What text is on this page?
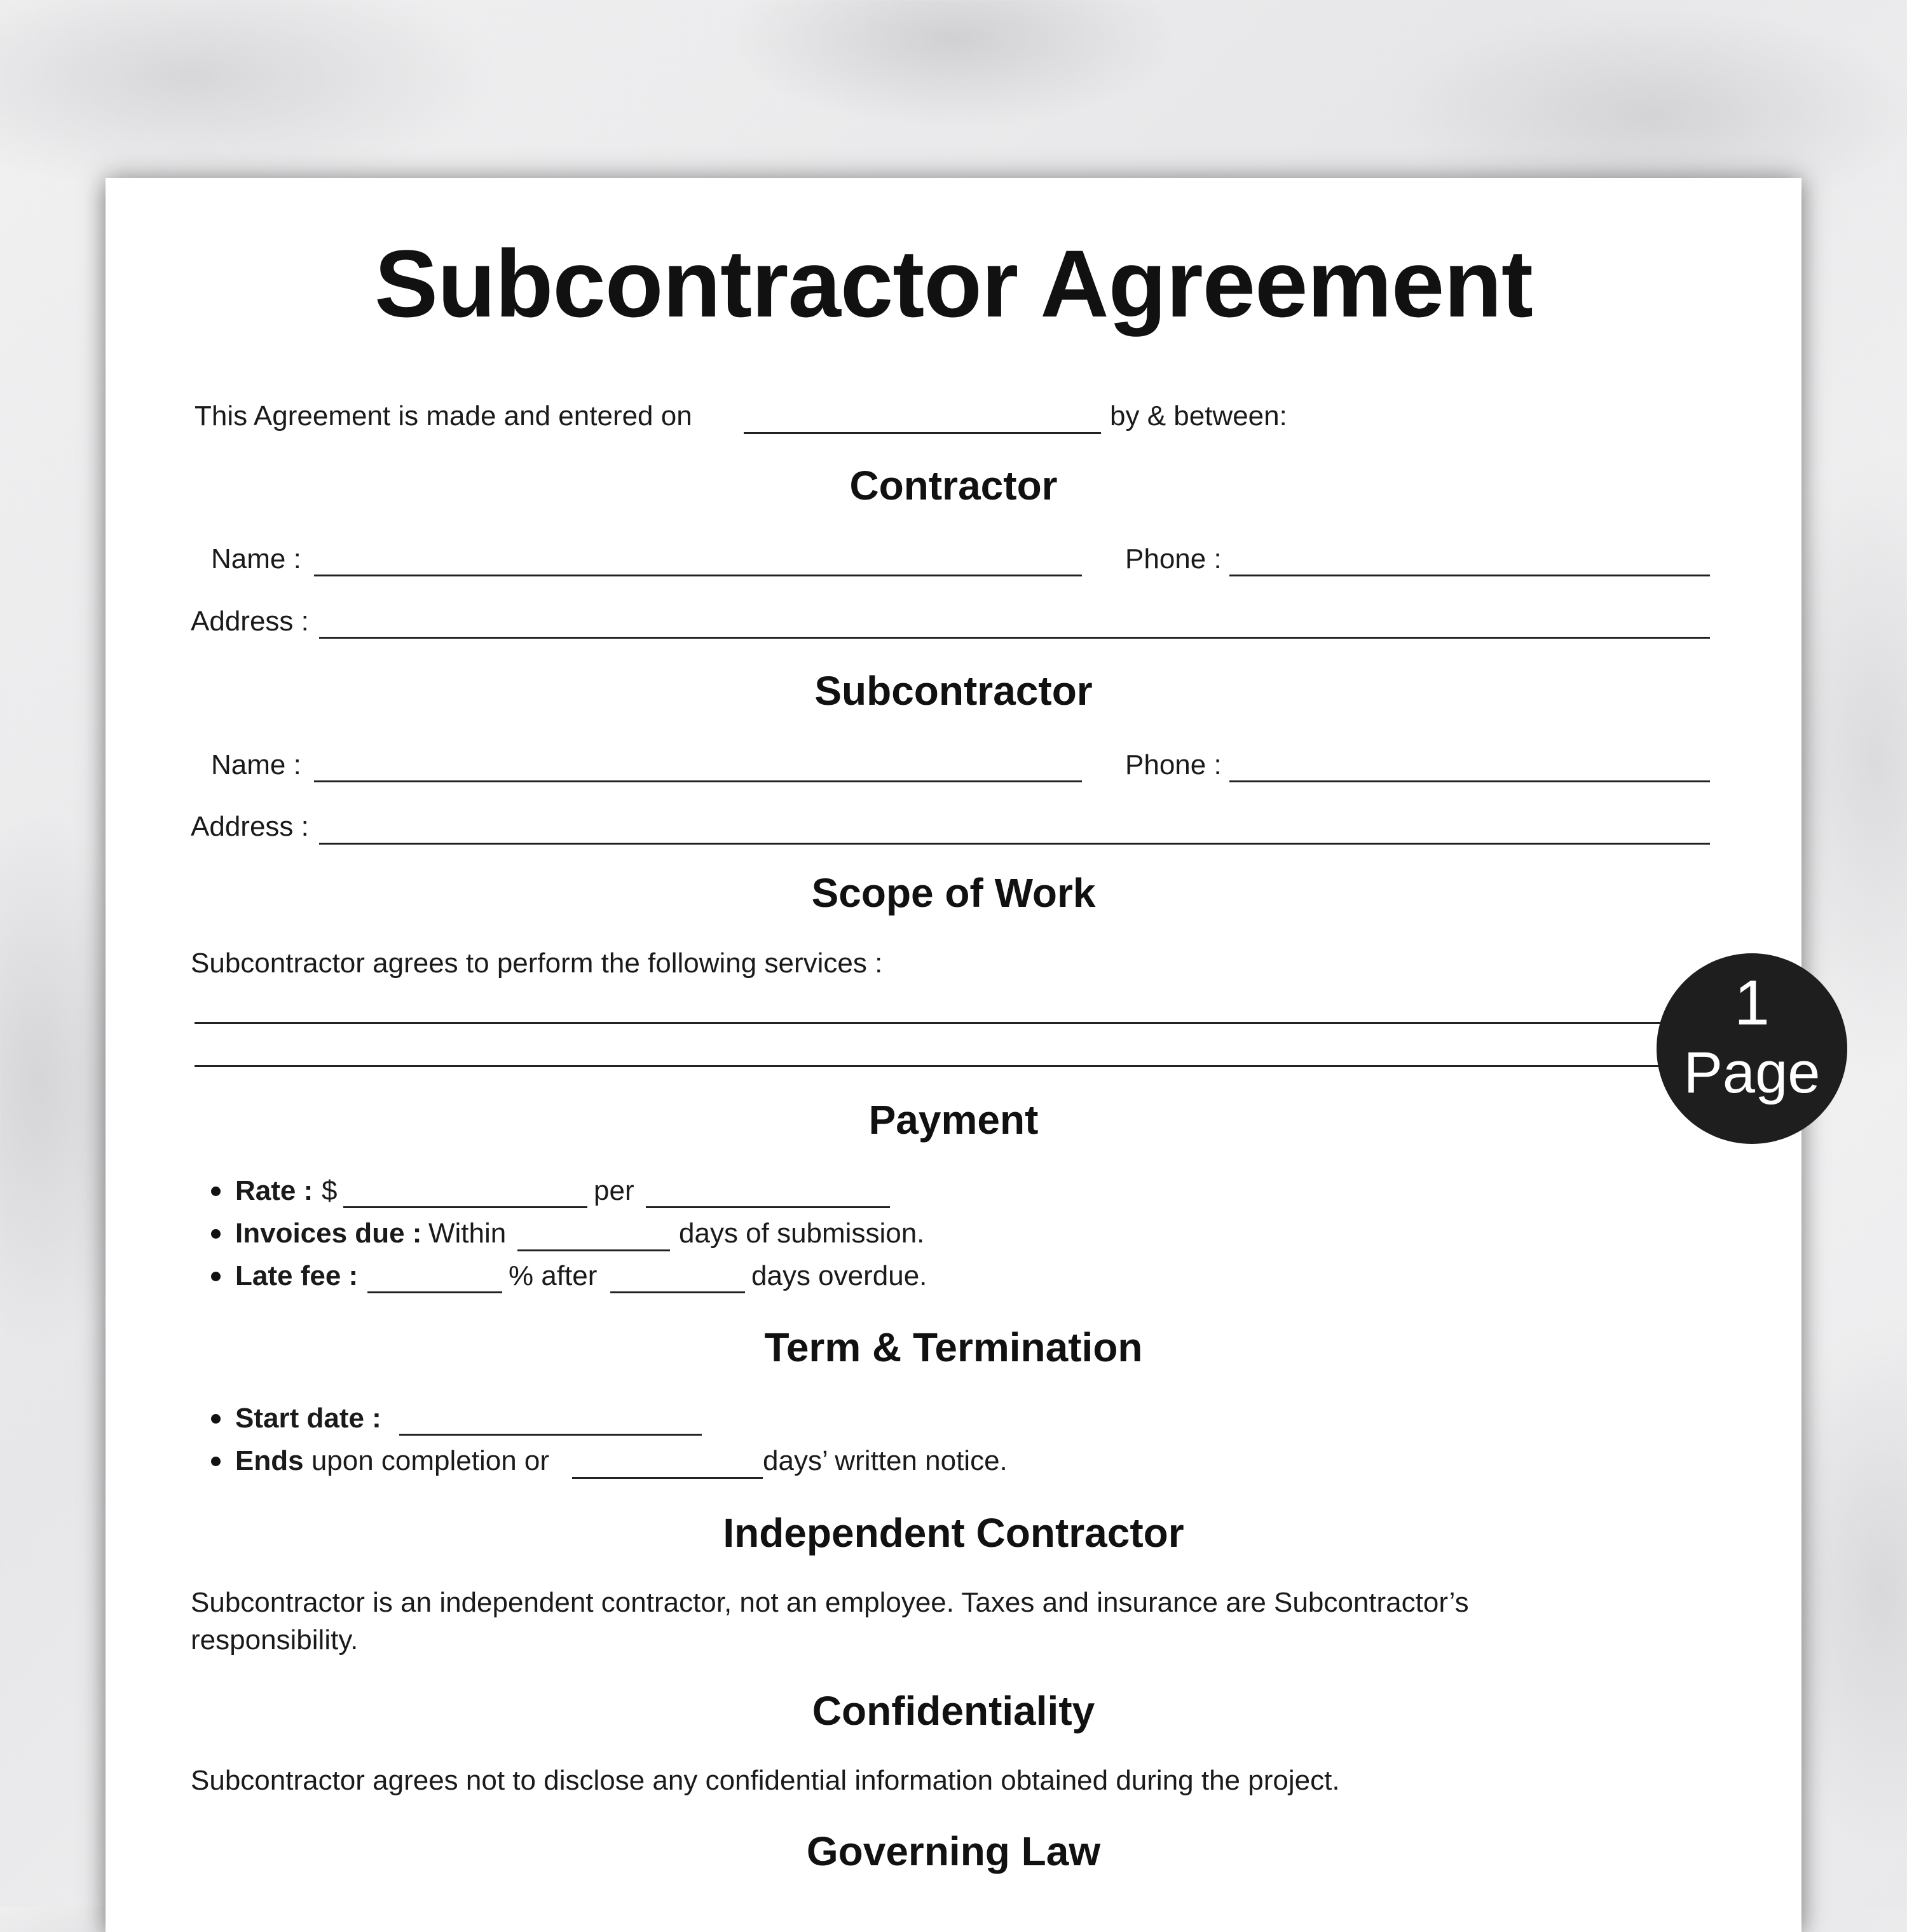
Subcontractor Agreement
This Agreement is made and entered on	by & between:
Contractor
Name :	Phone :
Address :
Subcontractor
Name :	Phone :
Address :
Scope of Work
Subcontractor agrees to perform the following services :
Payment
Rate : $	per
Invoices due : Within	days of submission.
Late fee :	% after	days overdue.
Term & Termination
Start date :
Ends upon completion or	days’ written notice.
Independent Contractor
Subcontractor is an independent contractor, not an employee. Taxes and insurance are Subcontractor’s
responsibility.
Confidentiality
Subcontractor agrees not to disclose any confidential information obtained during the project.
Governing Law
1
Page
